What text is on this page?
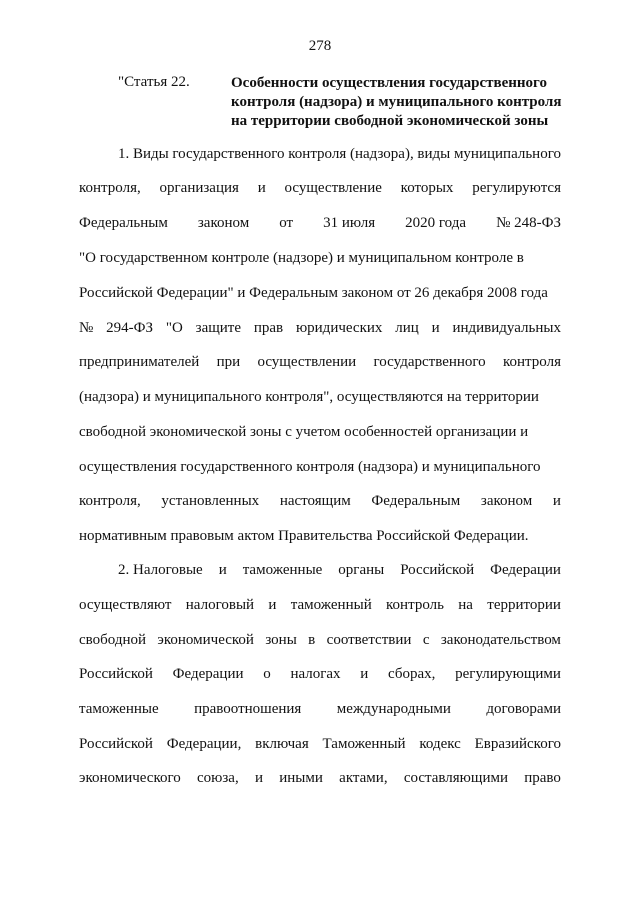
278
"Статья 22.	Особенности осуществления государственного
контроля (надзора) и муниципального контроля
на территории свободной экономической зоны
1. Виды государственного контроля (надзора), виды муниципального
контроля, организация и осуществление которых регулируются
Федеральным законом от 31 июля 2020 года № 248-ФЗ
"О государственном контроле (надзоре) и муниципальном контроле в
Российской Федерации" и Федеральным законом от 26 декабря 2008 года
№ 294-ФЗ "О защите прав юридических лиц и индивидуальных
предпринимателей при осуществлении государственного контроля
(надзора) и муниципального контроля", осуществляются на территории
свободной экономической зоны с учетом особенностей организации и
осуществления государственного контроля (надзора) и муниципального
контроля, установленных настоящим Федеральным законом и
нормативным правовым актом Правительства Российской Федерации.
2. Налоговые и таможенные органы Российской Федерации
осуществляют налоговый и таможенный контроль на территории
свободной экономической зоны в соответствии с законодательством
Российской Федерации о налогах и сборах, регулирующими
таможенные правоотношения международными договорами
Российской Федерации, включая Таможенный кодекс Евразийского
экономического союза, и иными актами, составляющими право
